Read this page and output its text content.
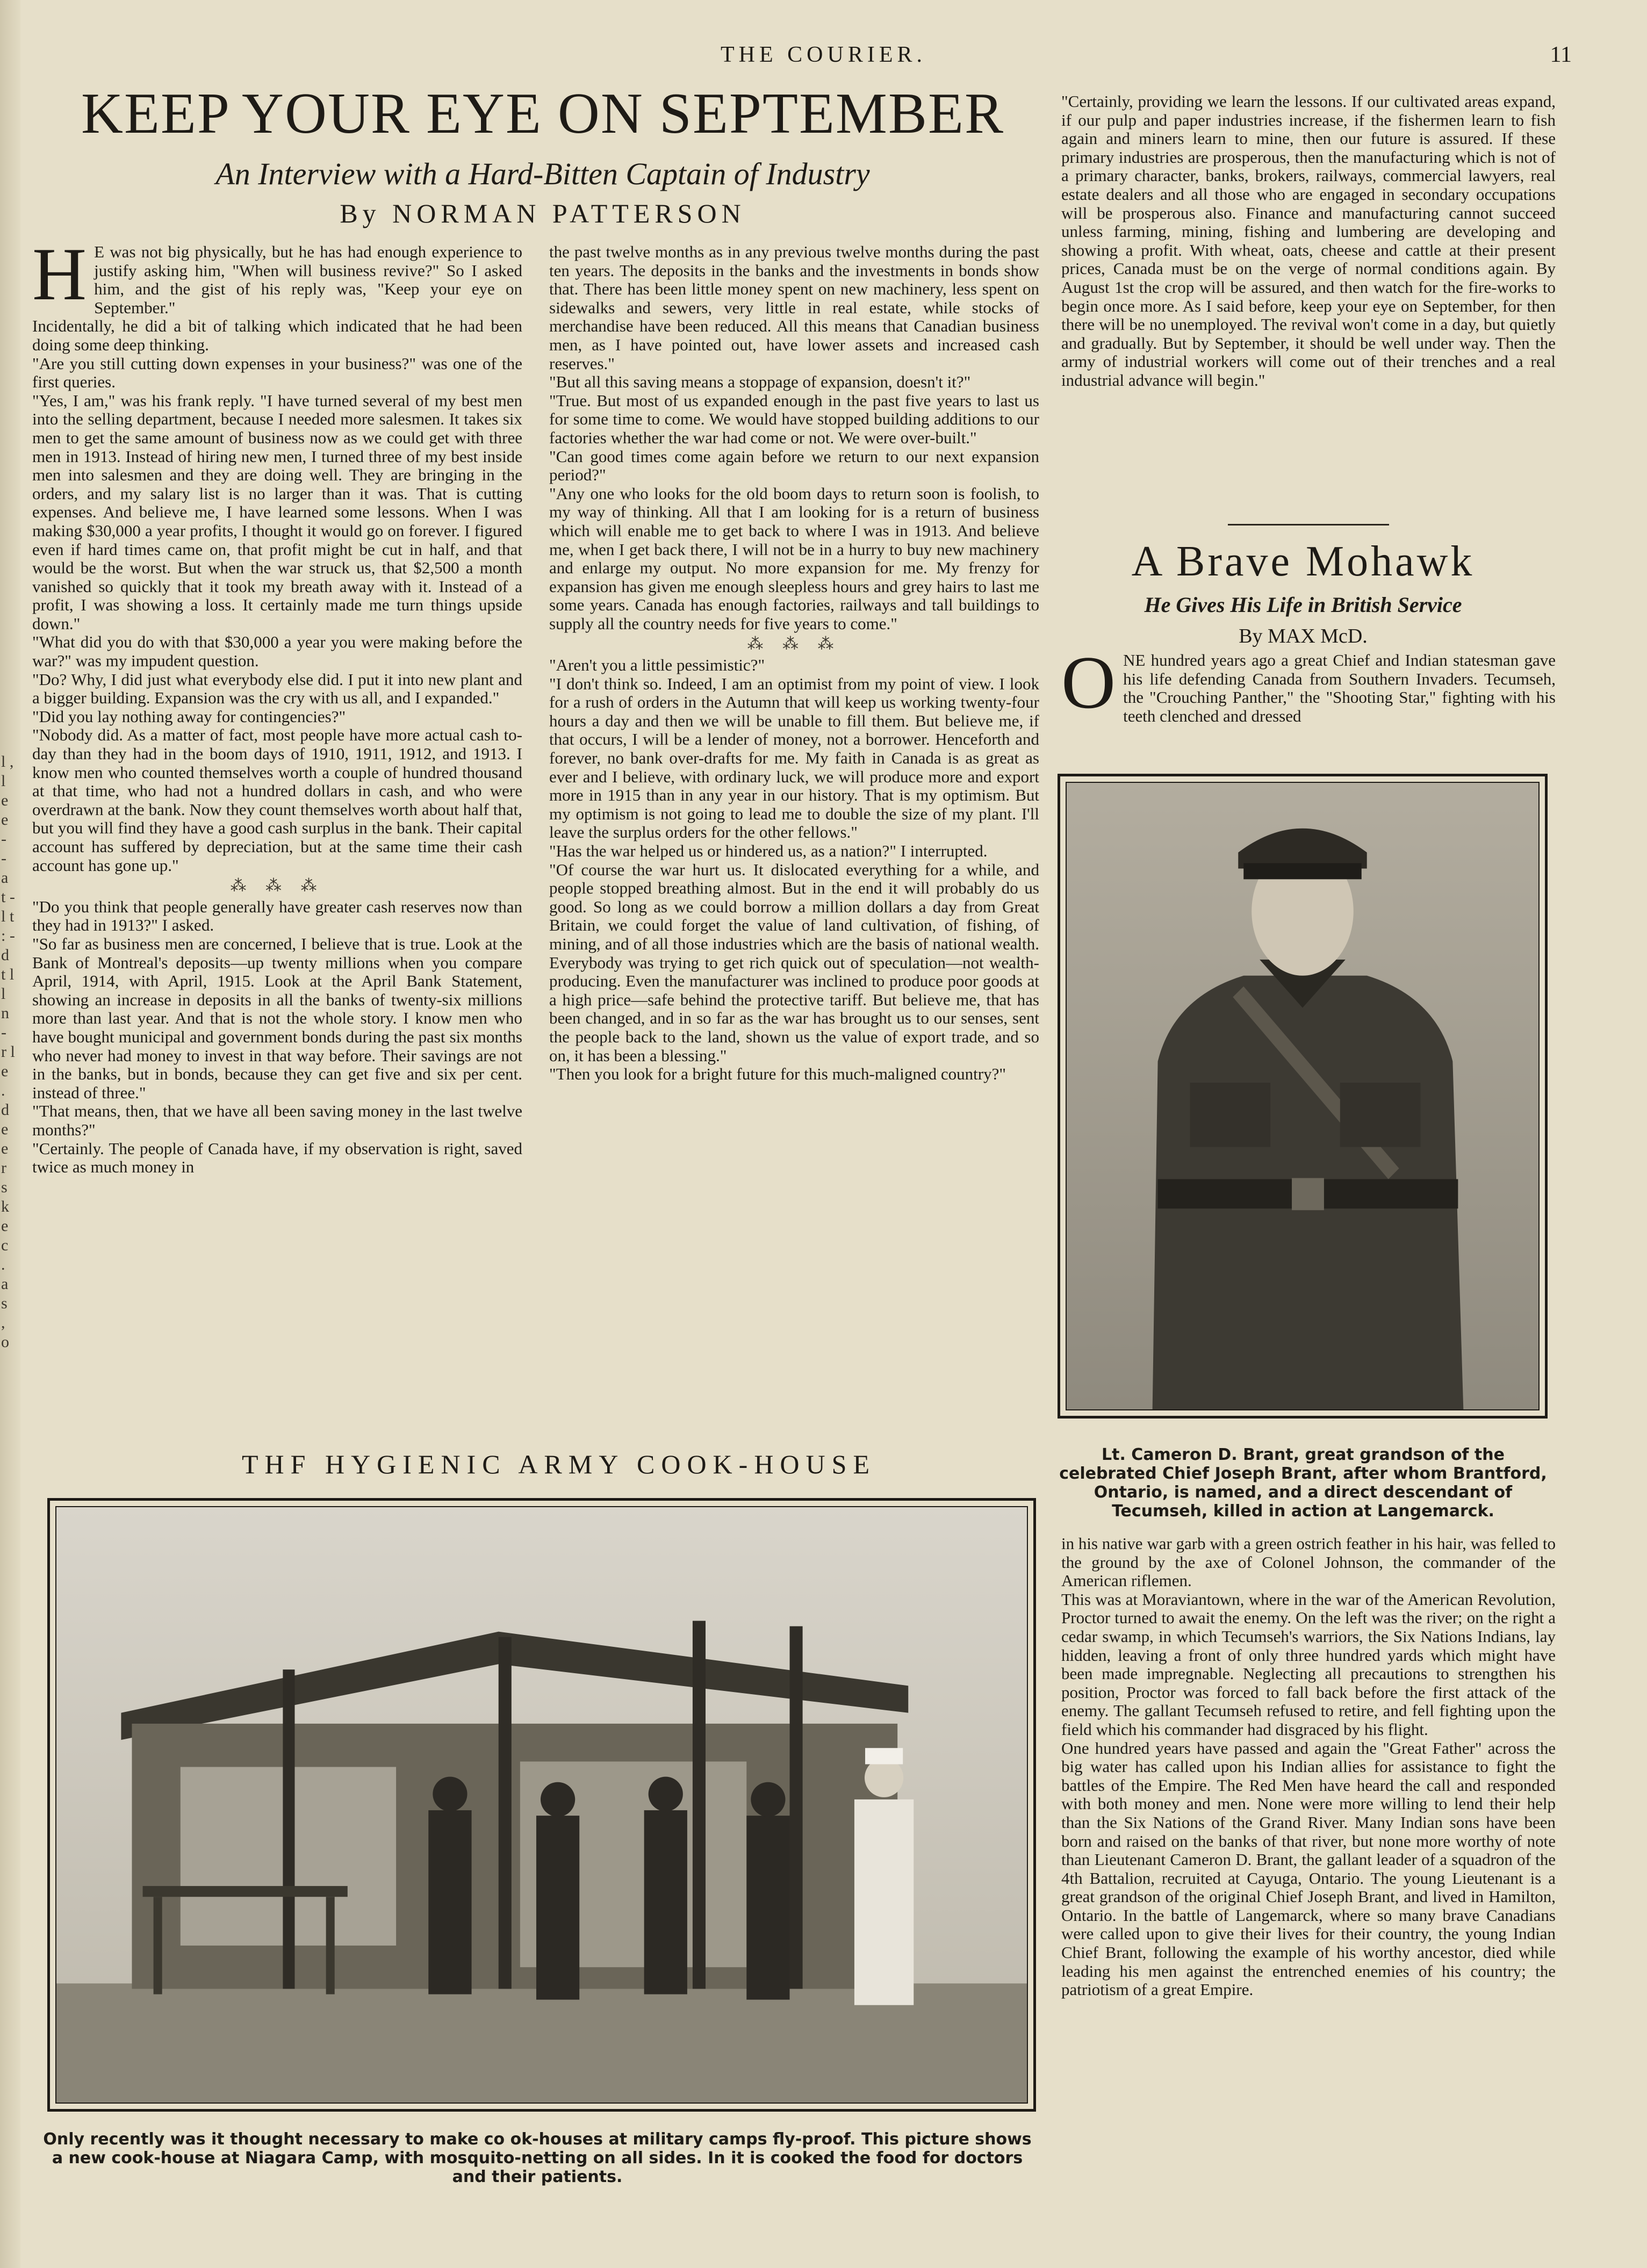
l , l e e - - a t - l t : - d t l l n - r l e . d e e r s k e c . a s , o
THE COURIER.	11
KEEP YOUR EYE ON SEPTEMBER
An Interview with a Hard-Bitten Captain of Industry
By NORMAN PATTERSON
H E was not big physically, but he has had enough experience to justify asking him, "When will business revive?" So I asked him, and the gist of his reply was, "Keep your eye on September."

Incidentally, he did a bit of talking which indicated that he had been doing some deep thinking.

"Are you still cutting down expenses in your business?" was one of the first queries.

"Yes, I am," was his frank reply. "I have turned several of my best men into the selling department, because I needed more salesmen. It takes six men to get the same amount of business now as we could get with three men in 1913. Instead of hiring new men, I turned three of my best inside men into salesmen and they are doing well. They are bringing in the orders, and my salary list is no larger than it was. That is cutting expenses. And believe me, I have learned some lessons. When I was making $30,000 a year profits, I thought it would go on forever. I figured even if hard times came on, that profit might be cut in half, and that would be the worst. But when the war struck us, that $2,500 a month vanished so quickly that it took my breath away with it. Instead of a profit, I was showing a loss. It certainly made me turn things upside down."

"What did you do with that $30,000 a year you were making before the war?" was my impudent question.

"Do? Why, I did just what everybody else did. I put it into new plant and a bigger building. Expansion was the cry with us all, and I expanded."

"Did you lay nothing away for contingencies?"

"Nobody did. As a matter of fact, most people have more actual cash to-day than they had in the boom days of 1910, 1911, 1912, and 1913. I know men who counted themselves worth a couple of hundred thousand at that time, who had not a hundred dollars in cash, and who were overdrawn at the bank. Now they count themselves worth about half that, but you will find they have a good cash surplus in the bank. Their capital account has suffered by depreciation, but at the same time their cash account has gone up."

⁂ ⁂ ⁂

"Do you think that people generally have greater cash reserves now than they had in 1913?" I asked.

"So far as business men are concerned, I believe that is true. Look at the Bank of Montreal's deposits—up twenty millions when you compare April, 1914, with April, 1915. Look at the April Bank Statement, showing an increase in deposits in all the banks of twenty-six millions more than last year. And that is not the whole story. I know men who have bought municipal and government bonds during the past six months who never had money to invest in that way before. Their savings are not in the banks, but in bonds, because they can get five and six per cent. instead of three."

"That means, then, that we have all been saving money in the last twelve months?"

"Certainly. The people of Canada have, if my observation is right, saved twice as much money in

the past twelve months as in any previous twelve months during the past ten years. The deposits in the banks and the investments in bonds show that. There has been little money spent on new machinery, less spent on sidewalks and sewers, very little in real estate, while stocks of merchandise have been reduced. All this means that Canadian business men, as I have pointed out, have lower assets and increased cash reserves."

"But all this saving means a stoppage of expansion, doesn't it?"

"True. But most of us expanded enough in the past five years to last us for some time to come. We would have stopped building additions to our factories whether the war had come or not. We were over-built."

"Can good times come again before we return to our next expansion period?"

"Any one who looks for the old boom days to return soon is foolish, to my way of thinking. All that I am looking for is a return of business which will enable me to get back to where I was in 1913. And believe me, when I get back there, I will not be in a hurry to buy new machinery and enlarge my output. No more expansion for me. My frenzy for expansion has given me enough sleepless hours and grey hairs to last me some years. Canada has enough factories, railways and tall buildings to supply all the country needs for five years to come."

⁂ ⁂ ⁂

"Aren't you a little pessimistic?"

"I don't think so. Indeed, I am an optimist from my point of view. I look for a rush of orders in the Autumn that will keep us working twenty-four hours a day and then we will be unable to fill them. But believe me, if that occurs, I will be a lender of money, not a borrower. Henceforth and forever, no bank over-drafts for me. My faith in Canada is as great as ever and I believe, with ordinary luck, we will produce more and export more in 1915 than in any year in our history. That is my optimism. But my optimism is not going to lead me to double the size of my plant. I'll leave the surplus orders for the other fellows."

"Has the war helped us or hindered us, as a nation?" I interrupted.

"Of course the war hurt us. It dislocated everything for a while, and people stopped breathing almost. But in the end it will probably do us good. So long as we could borrow a million dollars a day from Great Britain, we could forget the value of land cultivation, of fishing, of mining, and of all those industries which are the basis of national wealth. Everybody was trying to get rich quick out of speculation—not wealth-producing. Even the manufacturer was inclined to produce poor goods at a high price—safe behind the protective tariff. But believe me, that has been changed, and in so far as the war has brought us to our senses, sent the people back to the land, shown us the value of export trade, and so on, it has been a blessing."

"Then you look for a bright future for this much-maligned country?"

"Certainly, providing we learn the lessons. If our cultivated areas expand, if our pulp and paper industries increase, if the fishermen learn to fish again and miners learn to mine, then our future is assured. If these primary industries are prosperous, then the manufacturing which is not of a primary character, banks, brokers, railways, commercial lawyers, real estate dealers and all those who are engaged in secondary occupations will be prosperous also. Finance and manufacturing cannot succeed unless farming, mining, fishing and lumbering are developing and showing a profit. With wheat, oats, cheese and cattle at their present prices, Canada must be on the verge of normal conditions again. By August 1st the crop will be assured, and then watch for the fire-works to begin once more. As I said before, keep your eye on September, for then there will be no unemployed. The revival won't come in a day, but quietly and gradually. But by September, it should be well under way. Then the army of industrial workers will come out of their trenches and a real industrial advance will begin."

A Brave Mohawk
He Gives His Life in British Service
By MAX McD.
O NE hundred years ago a great Chief and Indian statesman gave his life defending Canada from Southern Invaders. Tecumseh, the "Crouching Panther," the "Shooting Star," fighting with his teeth clenched and dressed

Lt. Cameron D. Brant, great grandson of the celebrated Chief Joseph Brant, after whom Brantford, Ontario, is named, and a direct descendant of Tecumseh, killed in action at Langemarck.

in his native war garb with a green ostrich feather in his hair, was felled to the ground by the axe of Colonel Johnson, the commander of the American riflemen.

This was at Moraviantown, where in the war of the American Revolution, Proctor turned to await the enemy. On the left was the river; on the right a cedar swamp, in which Tecumseh's warriors, the Six Nations Indians, lay hidden, leaving a front of only three hundred yards which might have been made impregnable. Neglecting all precautions to strengthen his position, Proctor was forced to fall back before the first attack of the enemy. The gallant Tecumseh refused to retire, and fell fighting upon the field which his commander had disgraced by his flight.

One hundred years have passed and again the "Great Father" across the big water has called upon his Indian allies for assistance to fight the battles of the Empire. The Red Men have heard the call and responded with both money and men. None were more willing to lend their help than the Six Nations of the Grand River. Many Indian sons have been born and raised on the banks of that river, but none more worthy of note than Lieutenant Cameron D. Brant, the gallant leader of a squadron of the 4th Battalion, recruited at Cayuga, Ontario. The young Lieutenant is a great grandson of the original Chief Joseph Brant, and lived in Hamilton, Ontario. In the battle of Langemarck, where so many brave Canadians were called upon to give their lives for their country, the young Indian Chief Brant, following the example of his worthy ancestor, died while leading his men against the entrenched enemies of his country; the patriotism of a great Empire.

THF HYGIENIC ARMY COOK-HOUSE
Only recently was it thought necessary to make co ok-houses at military camps fly-proof. This picture shows a new cook-house at Niagara Camp, with mosquito-netting on all sides. In it is cooked the food for doctors and their patients.
